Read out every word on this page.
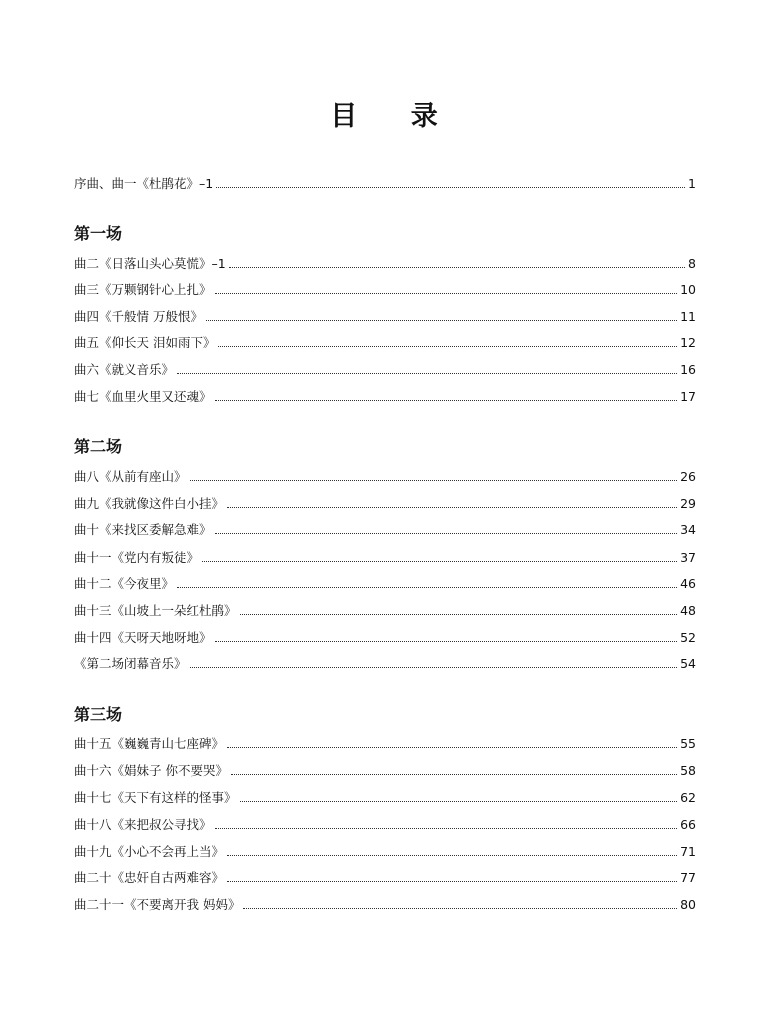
目 录
序曲、曲一《杜鹃花》–1	1
第一场
曲二《日落山头心莫慌》–1	8
曲三《万颗钢针心上扎》	10
曲四《千般情 万般恨》	11
曲五《仰长天 泪如雨下》	12
曲六《就义音乐》	16
曲七《血里火里又还魂》	17
第二场
曲八《从前有座山》	26
曲九《我就像这件白小挂》	29
曲十《来找区委解急难》	34
曲十一《党内有叛徒》	37
曲十二《今夜里》	46
曲十三《山坡上一朵红杜鹃》	48
曲十四《天呀天地呀地》	52
《第二场闭幕音乐》	54
第三场
曲十五《巍巍青山七座碑》	55
曲十六《娟妹子 你不要哭》	58
曲十七《天下有这样的怪事》	62
曲十八《来把叔公寻找》	66
曲十九《小心不会再上当》	71
曲二十《忠奸自古两难容》	77
曲二十一《不要离开我 妈妈》	80
